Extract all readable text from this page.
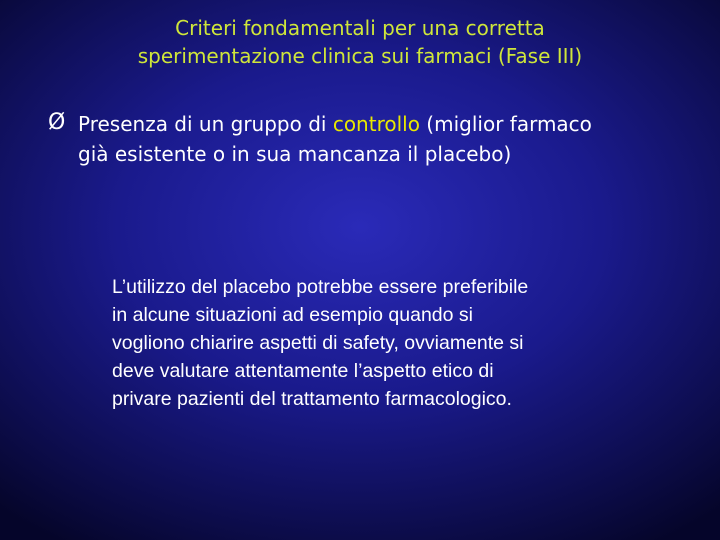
Criteri fondamentali per una corretta
sperimentazione clinica sui farmaci (Fase III)
Ø Presenza di un gruppo di controllo (miglior farmaco
già esistente o in sua mancanza il placebo)
L’utilizzo del placebo potrebbe essere preferibile
in alcune situazioni ad esempio quando si
vogliono chiarire aspetti di safety, ovviamente si
deve valutare attentamente l’aspetto etico di
privare pazienti del trattamento farmacologico.
